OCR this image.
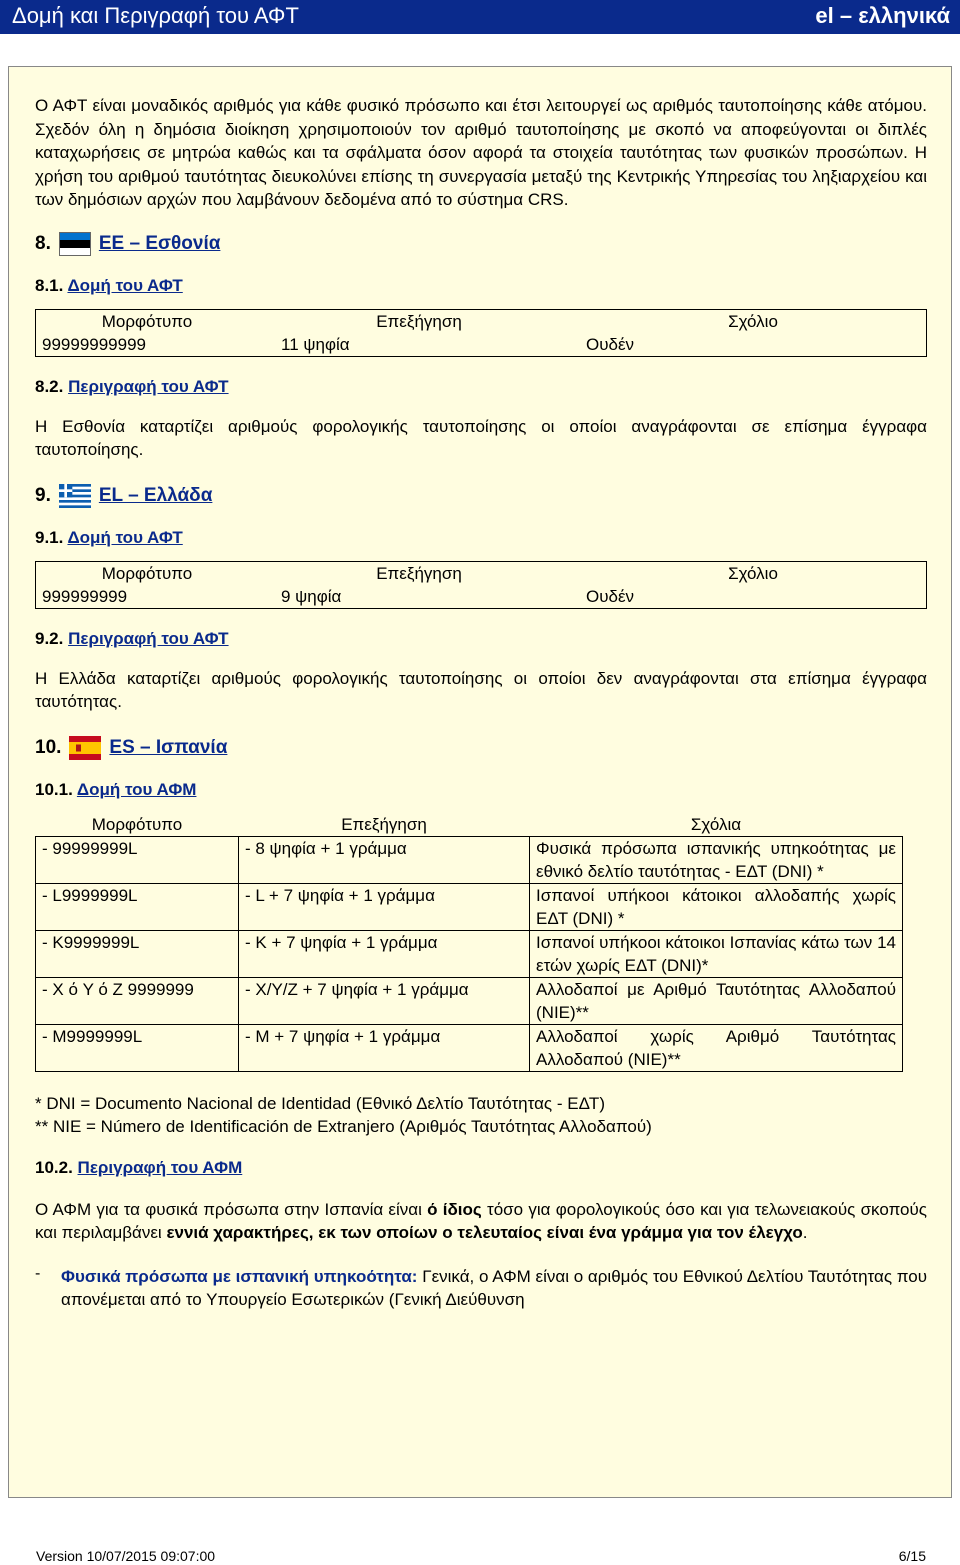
Δομή και Περιγραφή του ΑΦΤ	el – ελληνικά

Ο ΑΦΤ είναι μοναδικός αριθμός για κάθε φυσικό πρόσωπο και έτσι λειτουργεί ως αριθμός ταυτοποίησης κάθε ατόμου. Σχεδόν όλη η δημόσια διοίκηση χρησιμοποιούν τον αριθμό ταυτοποίησης με σκοπό να αποφεύγονται οι διπλές καταχωρήσεις σε μητρώα καθώς και τα σφάλματα όσον αφορά τα στοιχεία ταυτότητας των φυσικών προσώπων. Η χρήση του αριθμού ταυτότητας διευκολύνει επίσης τη συνεργασία μεταξύ της Κεντρικής Υπηρεσίας του ληξιαρχείου και των δημόσιων αρχών που λαμβάνουν δεδομένα από το σύστημα CRS.

8.	EE – Εσθονία
8.1. Δομή του ΑΦΤ
Μορφότυπο	Επεξήγηση	Σχόλιο
99999999999	11 ψηφία	Ουδέν
8.2. Περιγραφή του ΑΦΤ

Η Εσθονία καταρτίζει αριθμούς φορολογικής ταυτοποίησης οι οποίοι αναγράφονται σε επίσημα έγγραφα ταυτοποίησης.

9.	EL – Ελλάδα
9.1. Δομή του ΑΦΤ
Μορφότυπο	Επεξήγηση	Σχόλιο
999999999	9 ψηφία	Ουδέν
9.2. Περιγραφή του ΑΦΤ

Η Ελλάδα καταρτίζει αριθμούς φορολογικής ταυτοποίησης οι οποίοι δεν αναγράφονται στα επίσημα έγγραφα ταυτότητας.

10.	ES – Ισπανία
10.1. Δομή του ΑΦΜ
Μορφότυπο	Επεξήγηση	Σχόλια
- 99999999L	- 8 ψηφία + 1 γράμμα	Φυσικά πρόσωπα ισπανικής υπηκοότητας με εθνικό δελτίο ταυτότητας - ΕΔΤ (DNI) *
- L9999999L	- L + 7 ψηφία + 1 γράμμα	Ισπανοί υπήκοοι κάτοικοι αλλοδαπής χωρίς ΕΔΤ (DNI) *
- K9999999L	- K + 7 ψηφία + 1 γράμμα	Ισπανοί υπήκοοι κάτοικοι Ισπανίας κάτω των 14 ετών χωρίς ΕΔΤ (DNI)*
- X ό Y ό Z 9999999	- X/Y/Z + 7 ψηφία + 1 γράμμα	Αλλοδαποί με Αριθμό Ταυτότητας Αλλοδαπού (NIE)**
- M9999999L	- M + 7 ψηφία + 1 γράμμα	Αλλοδαποί χωρίς Αριθμό Ταυτότητας Αλλοδαπού (NIE)**

* DNI = Documento Nacional de Identidad (Εθνικό Δελτίο Ταυτότητας - ΕΔΤ)

** NIE = Número de Identificación de Extranjero (Αριθμός Ταυτότητας Αλλοδαπού)

10.2. Περιγραφή του ΑΦΜ

Ο ΑΦΜ για τα φυσικά πρόσωπα στην Ισπανία είναι ό ίδιος τόσο για φορολογικούς όσο και για τελωνειακούς σκοπούς και περιλαμβάνει εννιά χαρακτήρες, εκ των οποίων ο τελευταίος είναι ένα γράμμα για τον έλεγχο.

-	Φυσικά πρόσωπα με ισπανική υπηκοότητα: Γενικά, ο ΑΦΜ είναι ο αριθμός του Εθνικού Δελτίου Ταυτότητας που απονέμεται από το Υπουργείο Εσωτερικών (Γενική Διεύθυνση
Version 10/07/2015 09:07:00	6/15
